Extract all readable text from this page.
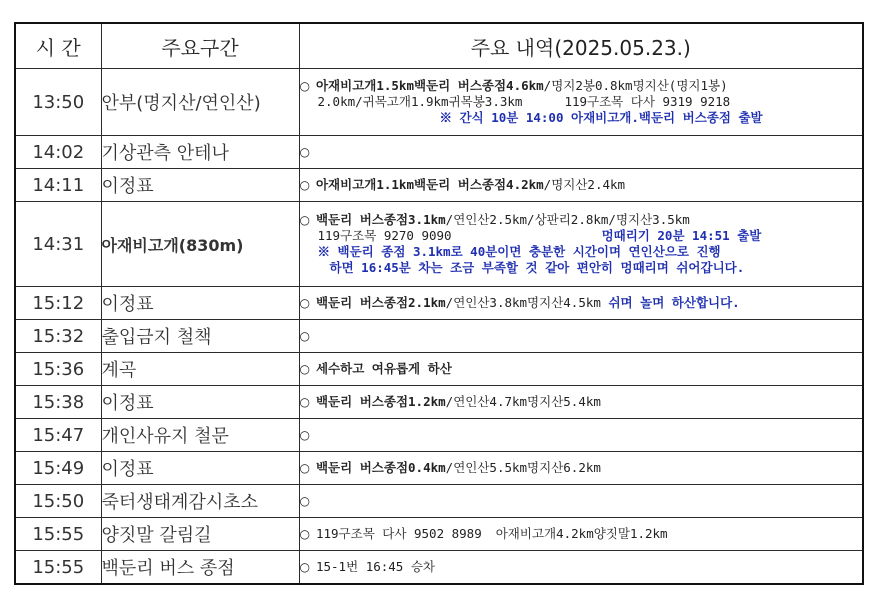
시 간	주요구간	주요 내역(2025.05.23.)
13:50	안부(명지산/연인산)	○ 아재비고개1.5km백둔리 버스종점4.6km/명지2봉0.8km명지산(명지1봉)
2.0km/귀목고개1.9km귀목봉3.3km 119구조목 다사 9319 9218
※ 간식 10분 14:00 아재비고개.백둔리 버스종점 출발

14:02	기상관측 안테나	○
14:11	이정표	○ 아재비고개1.1km백둔리 버스종점4.2km/명지산2.4km
14:31	아재비고개(830m)	○ 백둔리 버스종점3.1km/연인산2.5km/상판리2.8km/명지산3.5km
119구조목 9270 9090 멍때리기 20분 14:51 출발
※ 백둔리 종점 3.1km로 40분이면 충분한 시간이며 연인산으로 진행
하면 16:45분 차는 조금 부족할 것 같아 편안히 멍때리며 쉬어갑니다.

15:12	이정표	○ 백둔리 버스종점2.1km/연인산3.8km명지산4.5km 쉬며 놀며 하산합니다.
15:32	출입금지 철책	○
15:36	계곡	○ 세수하고 여유롭게 하산
15:38	이정표	○ 백둔리 버스종점1.2km/연인산4.7km명지산5.4km
15:47	개인사유지 철문	○
15:49	이정표	○ 백둔리 버스종점0.4km/연인산5.5km명지산6.2km
15:50	죽터생태계감시초소	○
15:55	양짓말 갈림길	○ 119구조목 다사 9502 8989 아재비고개4.2km양짓말1.2km
15:55	백둔리 버스 종점	○ 15-1번 16:45 승차
